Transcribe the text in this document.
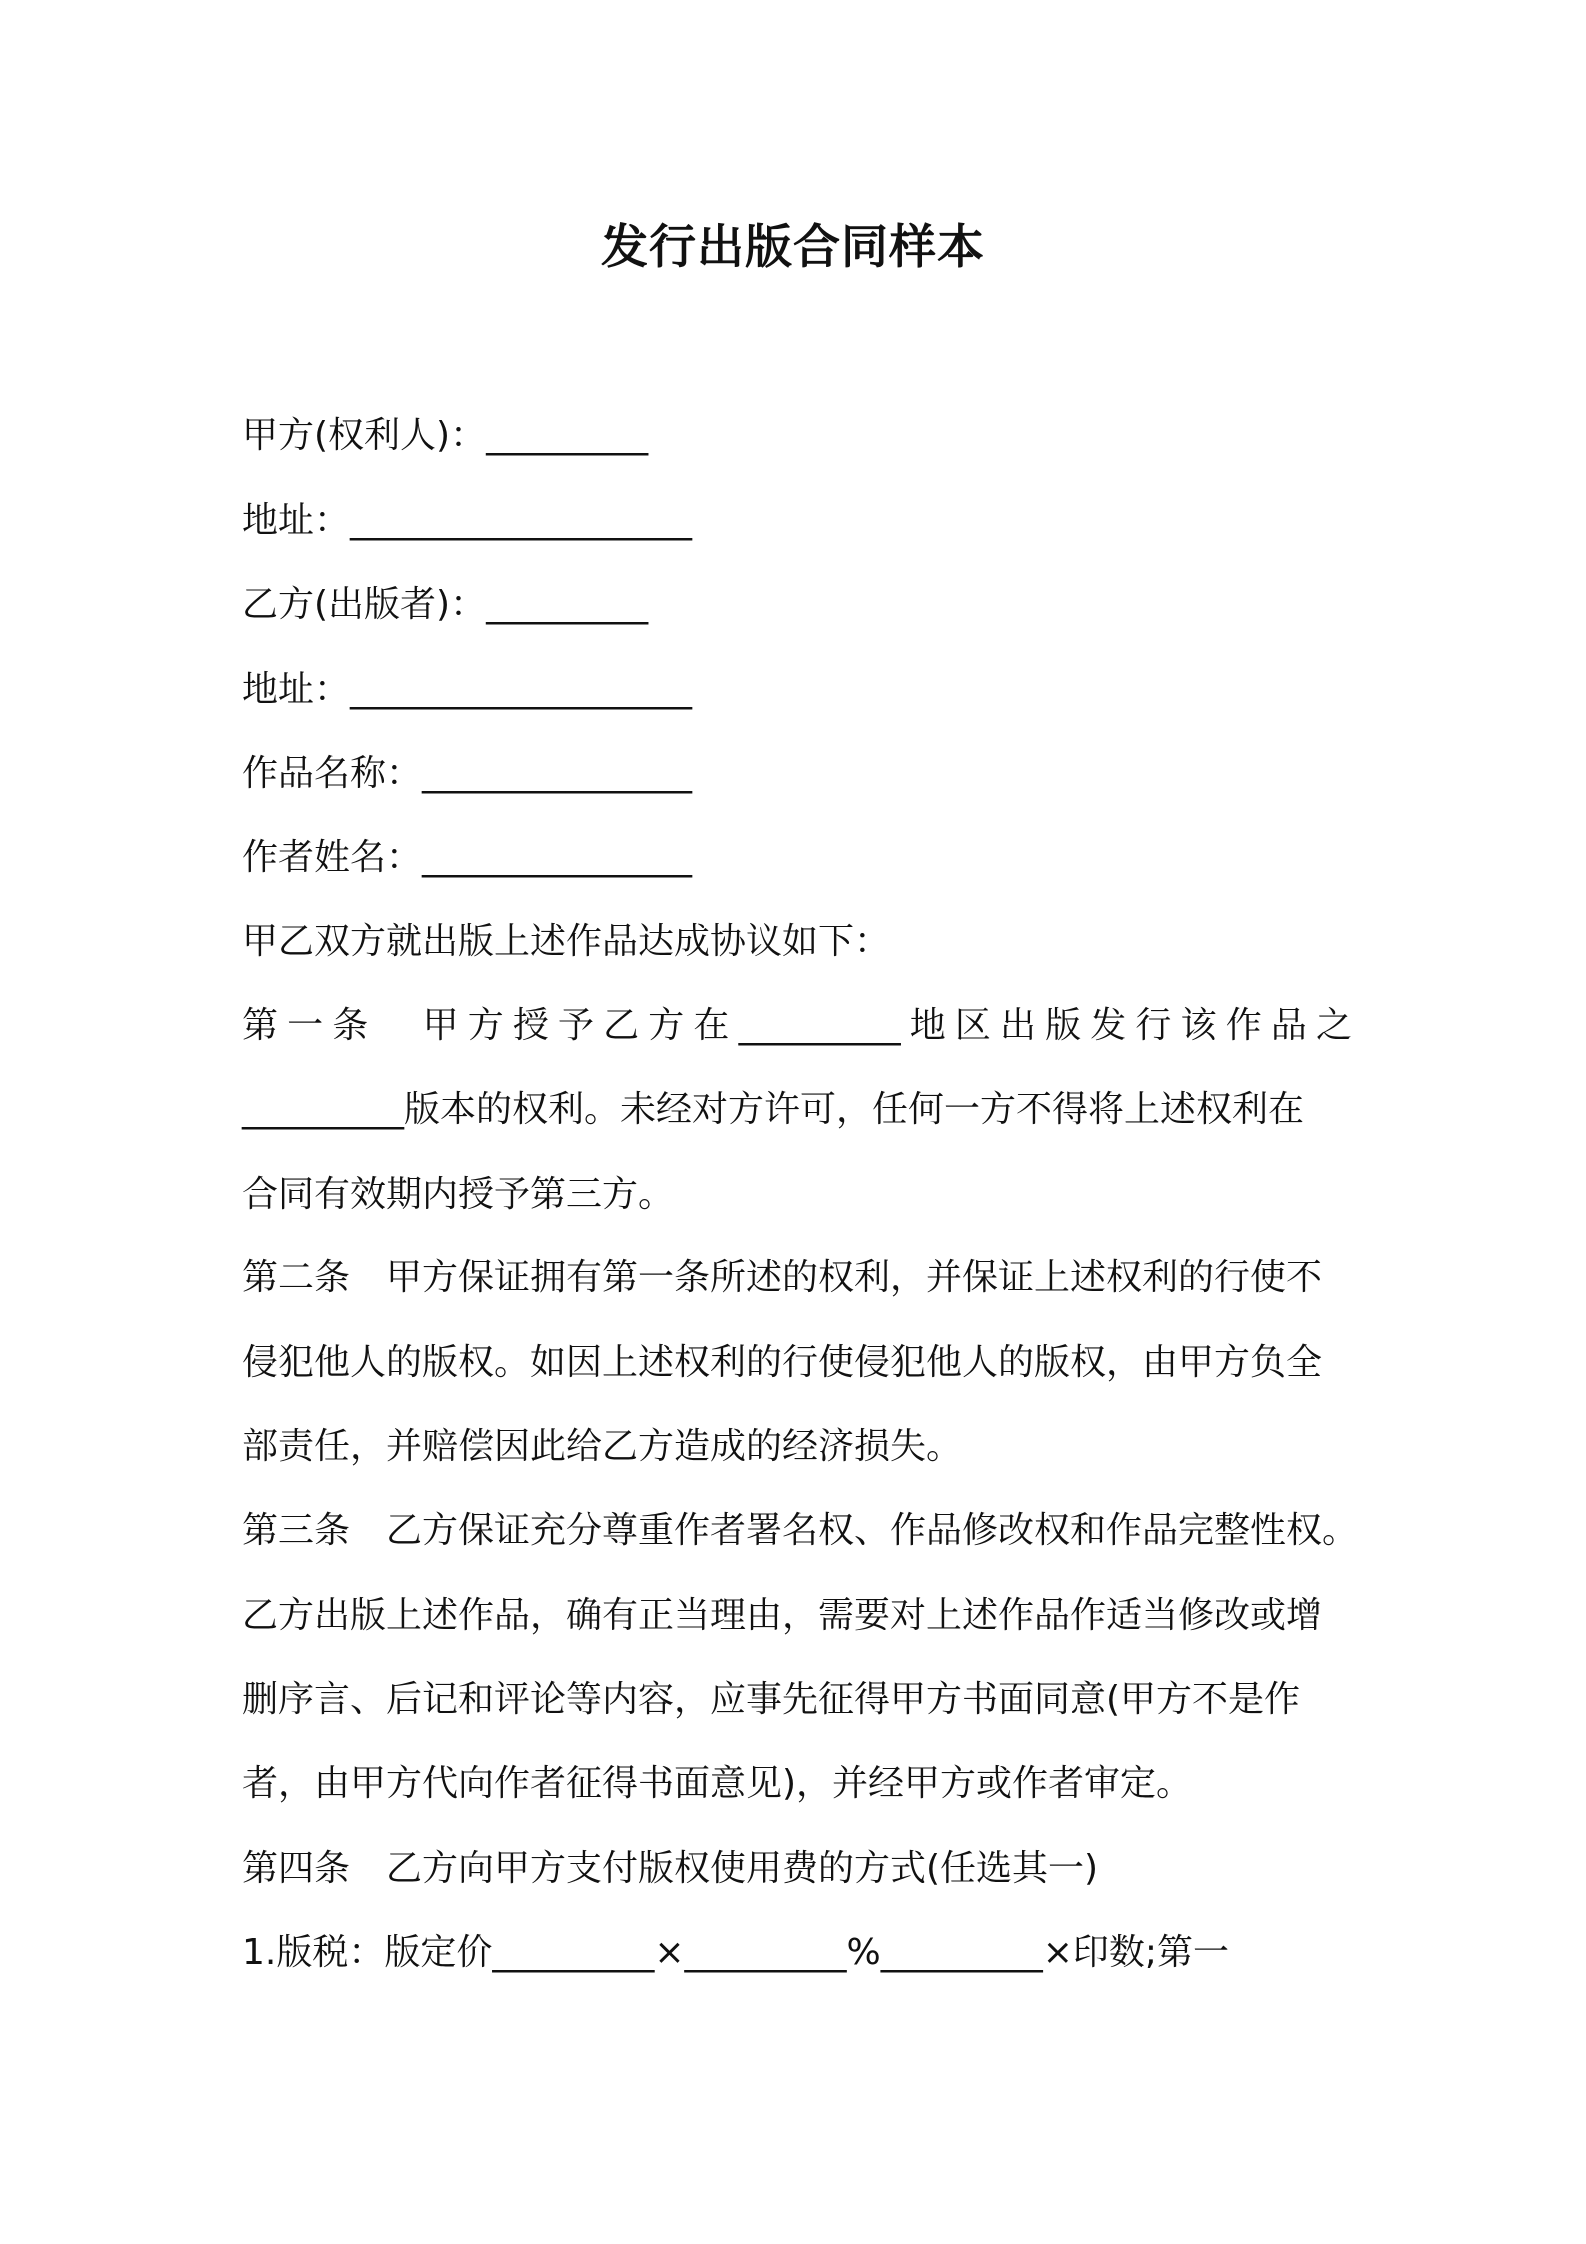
发行出版合同样本
甲方(权利人)：_________
地址：___________________
乙方(出版者)：_________
地址：___________________
作品名称：_______________
作者姓名：_______________
甲乙双方就出版上述作品达成协议如下：
第一条　甲方授予乙方在_________地区出版发行该作品之
_________版本的权利。未经对方许可，任何一方不得将上述权利在
合同有效期内授予第三方。
第二条　甲方保证拥有第一条所述的权利，并保证上述权利的行使不
侵犯他人的版权。如因上述权利的行使侵犯他人的版权，由甲方负全
部责任，并赔偿因此给乙方造成的经济损失。
第三条　乙方保证充分尊重作者署名权、作品修改权和作品完整性权。
乙方出版上述作品，确有正当理由，需要对上述作品作适当修改或增
删序言、后记和评论等内容，应事先征得甲方书面同意(甲方不是作
者，由甲方代向作者征得书面意见)，并经甲方或作者审定。
第四条　乙方向甲方支付版权使用费的方式(任选其一)
1.版税：版定价_________×_________%_________×印数;第一
